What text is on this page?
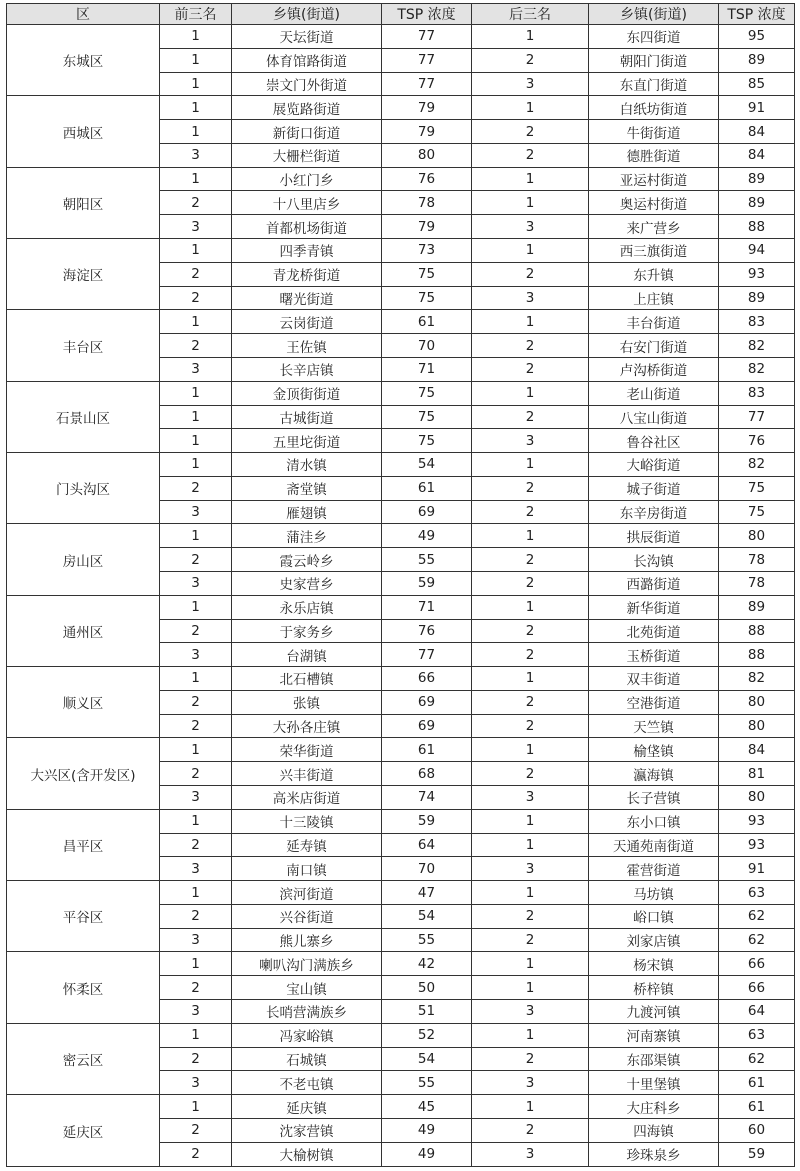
区	前三名	乡镇(街道)	TSP 浓度	后三名	乡镇(街道)	TSP 浓度
东城区	1	天坛街道	77	1	东四街道	95
	1	体育馆路街道	77	2	朝阳门街道	89
	1	崇文门外街道	77	3	东直门街道	85
西城区	1	展览路街道	79	1	白纸坊街道	91
	1	新街口街道	79	2	牛街街道	84
	3	大栅栏街道	80	2	德胜街道	84
朝阳区	1	小红门乡	76	1	亚运村街道	89
	2	十八里店乡	78	1	奥运村街道	89
	3	首都机场街道	79	3	来广营乡	88
海淀区	1	四季青镇	73	1	西三旗街道	94
	2	青龙桥街道	75	2	东升镇	93
	2	曙光街道	75	3	上庄镇	89
丰台区	1	云岗街道	61	1	丰台街道	83
	2	王佐镇	70	2	右安门街道	82
	3	长辛店镇	71	2	卢沟桥街道	82
石景山区	1	金顶街街道	75	1	老山街道	83
	1	古城街道	75	2	八宝山街道	77
	1	五里坨街道	75	3	鲁谷社区	76
门头沟区	1	清水镇	54	1	大峪街道	82
	2	斋堂镇	61	2	城子街道	75
	3	雁翅镇	69	2	东辛房街道	75
房山区	1	蒲洼乡	49	1	拱辰街道	80
	2	霞云岭乡	55	2	长沟镇	78
	3	史家营乡	59	2	西潞街道	78
通州区	1	永乐店镇	71	1	新华街道	89
	2	于家务乡	76	2	北苑街道	88
	3	台湖镇	77	2	玉桥街道	88
顺义区	1	北石槽镇	66	1	双丰街道	82
	2	张镇	69	2	空港街道	80
	2	大孙各庄镇	69	2	天竺镇	80
大兴区(含开发区)	1	荣华街道	61	1	榆垡镇	84
	2	兴丰街道	68	2	瀛海镇	81
	3	高米店街道	74	3	长子营镇	80
昌平区	1	十三陵镇	59	1	东小口镇	93
	2	延寿镇	64	1	天通苑南街道	93
	3	南口镇	70	3	霍营街道	91
平谷区	1	滨河街道	47	1	马坊镇	63
	2	兴谷街道	54	2	峪口镇	62
	3	熊儿寨乡	55	2	刘家店镇	62
怀柔区	1	喇叭沟门满族乡	42	1	杨宋镇	66
	2	宝山镇	50	1	桥梓镇	66
	3	长哨营满族乡	51	3	九渡河镇	64
密云区	1	冯家峪镇	52	1	河南寨镇	63
	2	石城镇	54	2	东邵渠镇	62
	3	不老屯镇	55	3	十里堡镇	61
延庆区	1	延庆镇	45	1	大庄科乡	61
	2	沈家营镇	49	2	四海镇	60
	2	大榆树镇	49	3	珍珠泉乡	59
